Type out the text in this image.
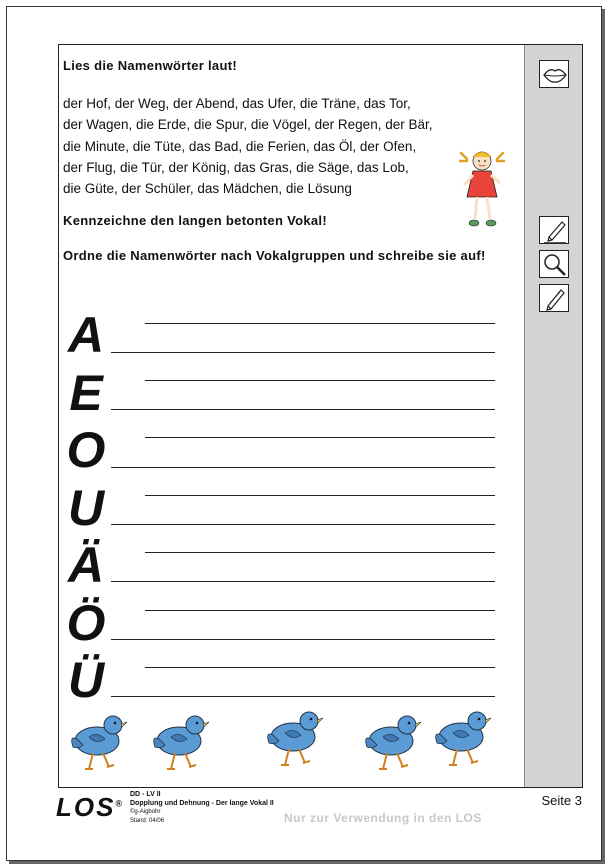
Lies die Namenwörter laut!
der Hof, der Weg, der Abend, das Ufer, die Träne, das Tor,
der Wagen, die Erde, die Spur, die Vögel, der Regen, der Bär,
die Minute, die Tüte, das Bad, die Ferien, das Öl, der Ofen,
der Flug, die Tür, der König, das Gras, die Säge, das Lob,
die Güte, der Schüler, das Mädchen, die Lösung
Kennzeichne den langen betonten Vokal!
Ordne die Namenwörter nach Vokalgruppen und schreibe sie auf!
A
E
O
U
Ä
Ö
Ü
LOS®
DD - LV II
Dopplung und Dehnung - Der lange Vokal II
©g-Aigbohr
Stand: 04/06
Seite 3
Nur zur Verwendung in den LOS
